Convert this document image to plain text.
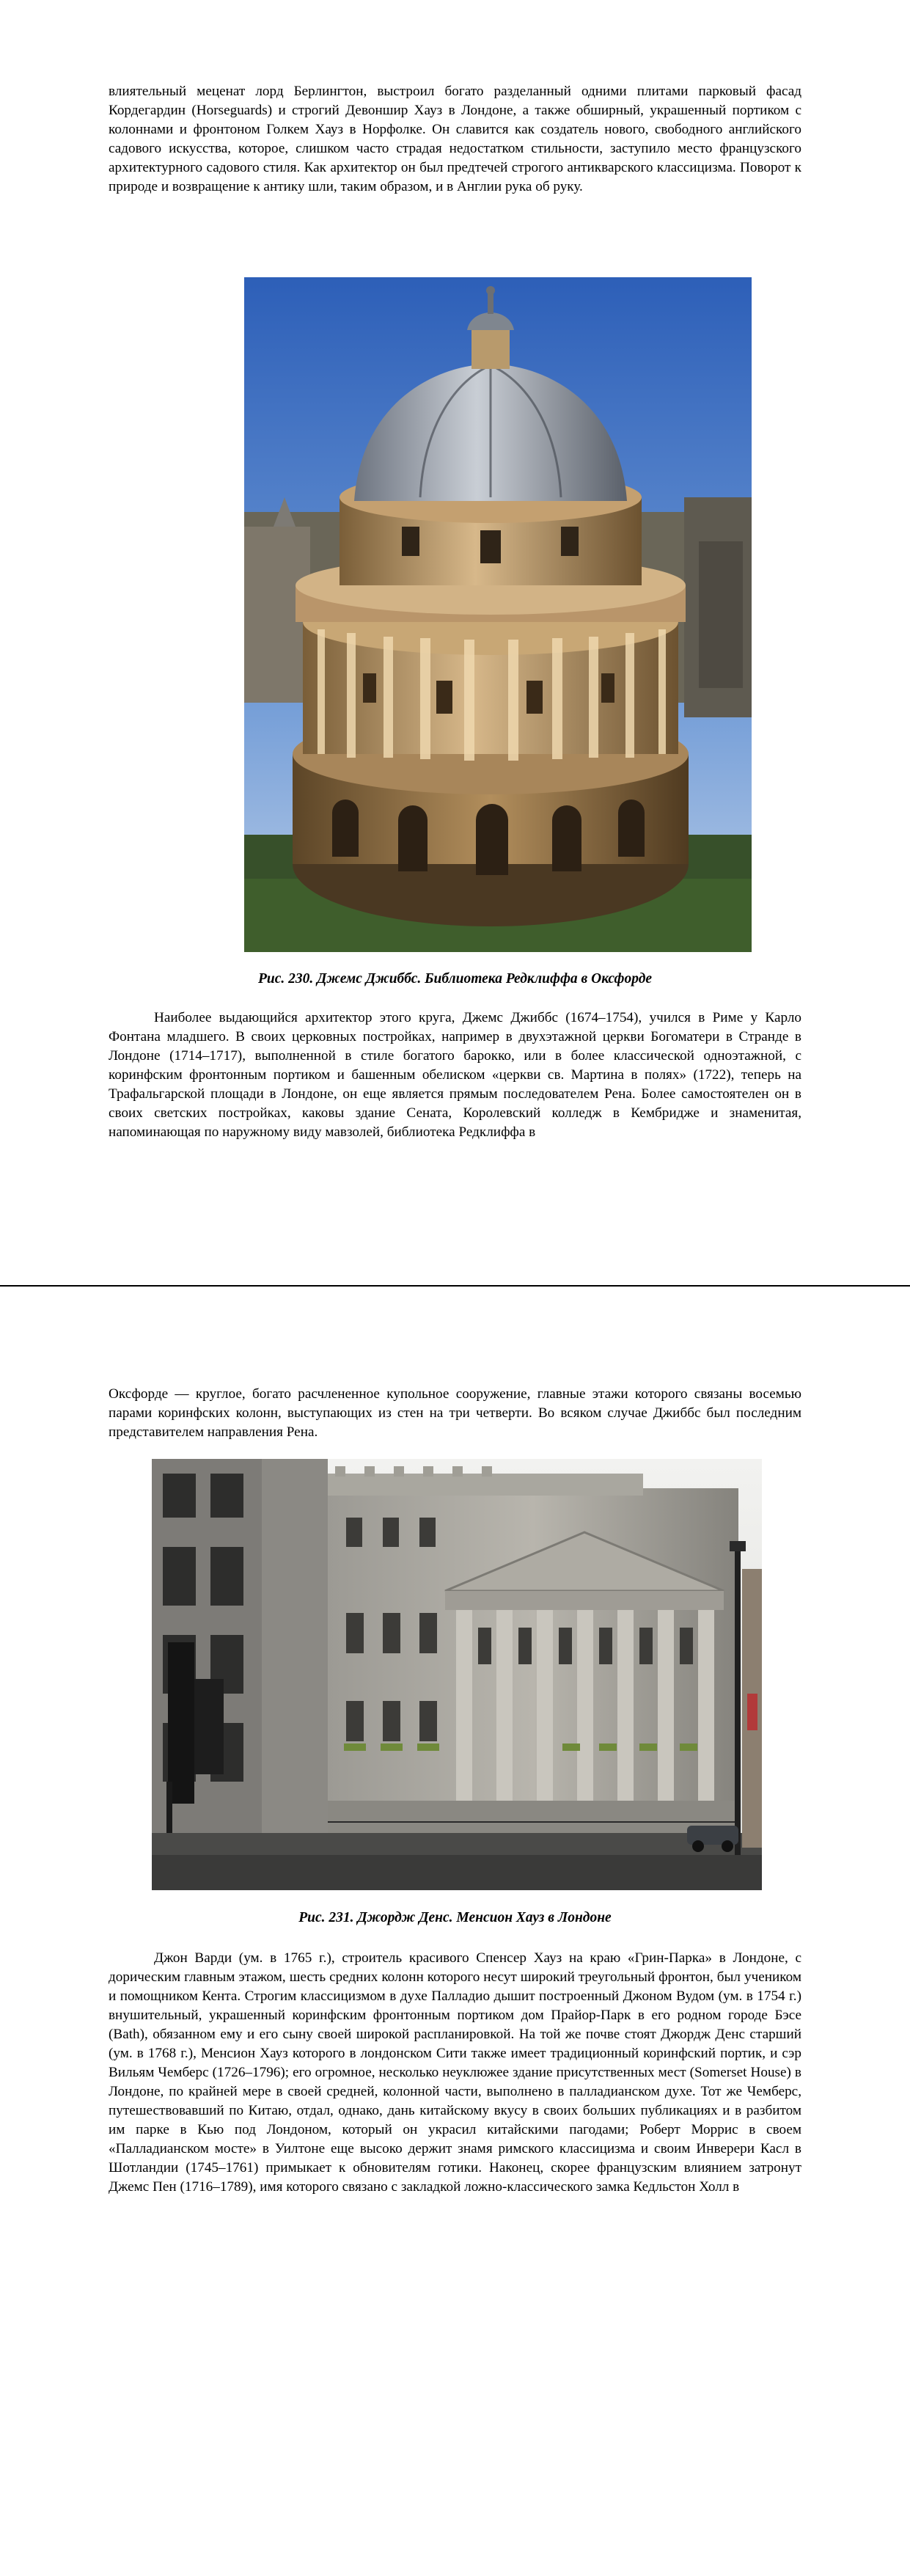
влиятельный меценат лорд Берлингтон, выстроил богато разделанный одними плитами парковый фасад Кордегардин (Horseguards) и строгий Девоншир Хауз в Лондоне, а также обширный, украшенный портиком с колоннами и фронтоном Голкем Хауз в Норфолке. Он славится как создатель нового, свободного английского садового искусства, которое, слишком часто страдая недостатком стильности, заступило место французского архитектурного садового стиля. Как архитектор он был предтечей строгого антикварского классицизма. Поворот к природе и возвращение к антику шли, таким образом, и в Англии рука об руку.

Рис. 230. Джемс Джиббс. Библиотека Редклиффа в Оксфорде

Наиболее выдающийся архитектор этого круга, Джемс Джиббс (1674–1754), учился в Риме у Карло Фонтана младшего. В своих церковных постройках, например в двухэтажной церкви Богоматери в Странде в Лондоне (1714–1717), выполненной в стиле богатого барокко, или в более классической одноэтажной, с коринфским фронтонным портиком и башенным обелиском «церкви св. Мартина в полях» (1722), теперь на Трафальгарской площади в Лондоне, он еще является прямым последователем Рена. Более самостоятелен он в своих светских постройках, каковы здание Сената, Королевский колледж в Кембридже и знаменитая, напоминающая по наружному виду мавзолей, библиотека Редклиффа в

Оксфорде — круглое, богато расчлененное купольное сооружение, главные этажи которого связаны восемью парами коринфских колонн, выступающих из стен на три четверти. Во всяком случае Джиббс был последним представителем направления Рена.

Рис. 231. Джордж Денс. Менсион Хауз в Лондоне

Джон Варди (ум. в 1765 г.), строитель красивого Спенсер Хауз на краю «Грин-Парка» в Лондоне, с дорическим главным этажом, шесть средних колонн которого несут широкий треугольный фронтон, был учеником и помощником Кента. Строгим классицизмом в духе Палладио дышит построенный Джоном Вудом (ум. в 1754 г.) внушительный, украшенный коринфским фронтонным портиком дом Прайор-Парк в его родном городе Бэсе (Bath), обязанном ему и его сыну своей широкой распланировкой. На той же почве стоят Джордж Денс старший (ум. в 1768 г.), Менсион Хауз которого в лондонском Сити также имеет традиционный коринфский портик, и сэр Вильям Чемберс (1726–1796); его огромное, несколько неуклюжее здание присутственных мест (Somerset House) в Лондоне, по крайней мере в своей средней, колонной части, выполнено в палладианском духе. Тот же Чемберс, путешествовавший по Китаю, отдал, однако, дань китайскому вкусу в своих больших публикациях и в разбитом им парке в Кью под Лондоном, который он украсил китайскими пагодами; Роберт Моррис в своем «Палладианском мосте» в Уилтоне еще высоко держит знамя римского классицизма и своим Инверери Касл в Шотландии (1745–1761) примыкает к обновителям готики. Наконец, скорее французским влиянием затронут Джемс Пен (1716–1789), имя которого связано с закладкой ложно-классического замка Кедльстон Холл в
